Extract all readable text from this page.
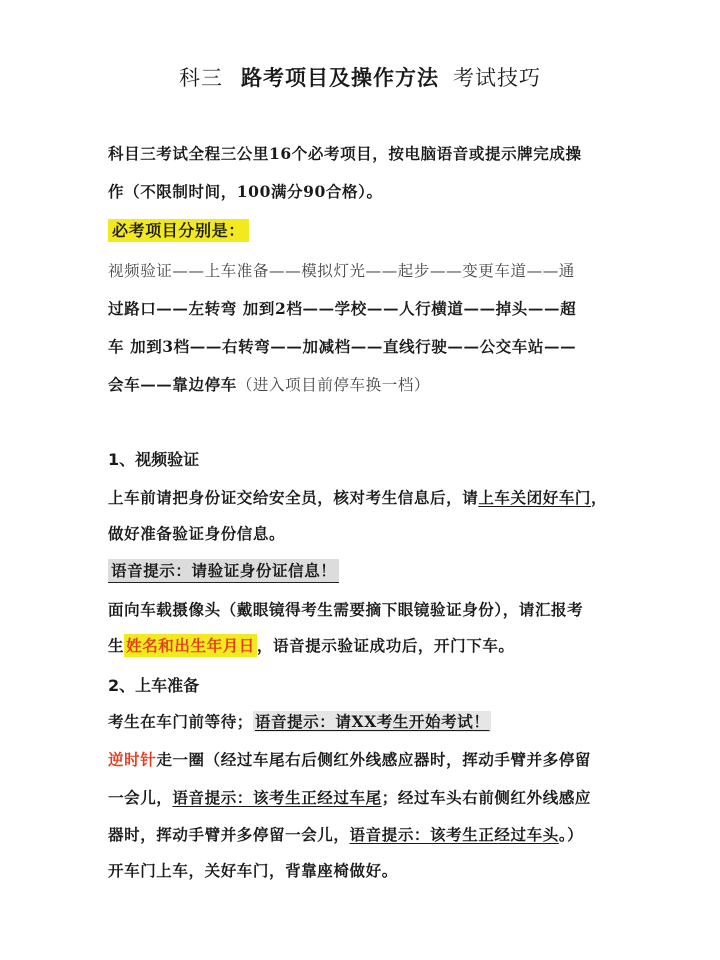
科三 路考项目及操作方法 考试技巧
科目三考试全程三公里16个必考项目，按电脑语音或提示牌完成操
作（不限制时间，100满分90合格）。
必考项目分别是：
视频验证——上车准备——模拟灯光——起步——变更车道——通
过路口——左转弯 加到2档——学校——人行横道——掉头——超
车 加到3档——右转弯——加减档——直线行驶——公交车站——
会车——靠边停车（进入项目前停车换一档）
1、视频验证
上车前请把身份证交给安全员，核对考生信息后，请上车关闭好车门，
做好准备验证身份信息。
语音提示：请验证身份证信息！
面向车载摄像头（戴眼镜得考生需要摘下眼镜验证身份），请汇报考
生 姓名和出生年月日 ，语音提示验证成功后，开门下车。
2、上车准备
考生在车门前等待； 语音提示：请XX考生开始考试！
逆时针走一圈（经过车尾右后侧红外线感应器时，挥动手臂并多停留
一会儿，语音提示：该考生正经过车尾；经过车头右前侧红外线感应
器时，挥动手臂并多停留一会儿，语音提示：该考生正经过车头。）
开车门上车，关好车门，背靠座椅做好。
